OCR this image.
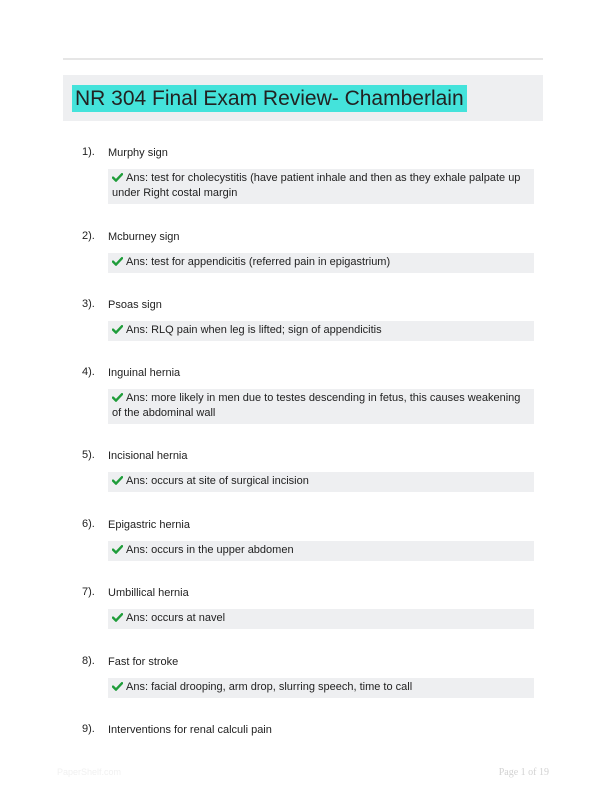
NR 304 Final Exam Review- Chamberlain
1). Murphy sign
Ans: test for cholecystitis (have patient inhale and then as they exhale palpate up under Right costal margin
2). Mcburney sign
Ans: test for appendicitis (referred pain in epigastrium)
3). Psoas sign
Ans: RLQ pain when leg is lifted; sign of appendicitis
4). Inguinal hernia
Ans: more likely in men due to testes descending in fetus, this causes weakening of the abdominal wall
5). Incisional hernia
Ans: occurs at site of surgical incision
6). Epigastric hernia
Ans: occurs in the upper abdomen
7). Umbillical hernia
Ans: occurs at navel
8). Fast for stroke
Ans: facial drooping, arm drop, slurring speech, time to call
9). Interventions for renal calculi pain
PaperShelf.com	Page 1 of 19
